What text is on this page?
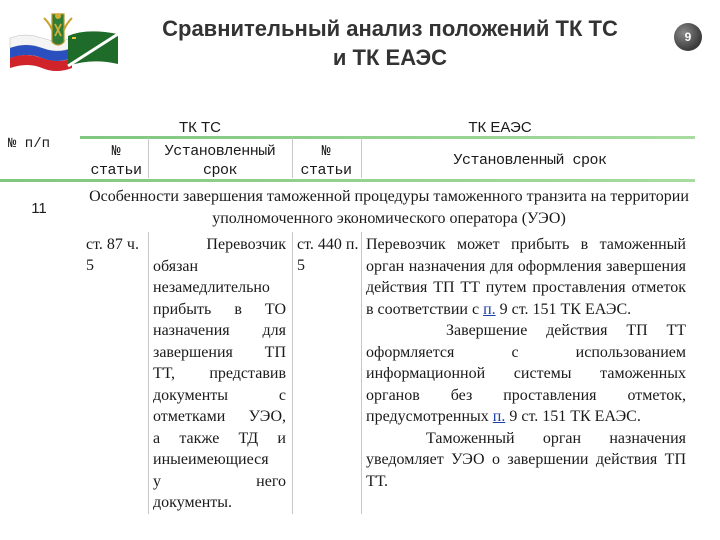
Сравнительный анализ положений ТК ТС
и ТК ЕАЭС
9
№ п/п
ТК ТС	ТК ЕАЭС
№ статьи
Установленный срок
№ статьи
Установленный срок
11
Особенности завершения таможенной процедуры таможенного транзита на территории уполномоченного экономического оператора (УЭО)
ст. 87 ч. 5
Перевозчик
обязан
незамедлительно
прибыть в ТО
назначения для
завершения ТП
ТТ, представив
документы с
отметками УЭО,
а также ТД и
иныеимеющиеся
у него
документы.
ст. 440 п. 5
Перевозчик может прибыть в таможенный орган назначения для оформления завершения действия ТП ТТ путем проставления отметок в соответствии с п. 9 ст. 151 ТК ЕАЭС.
Завершение действия ТП ТТ оформляется с использованием информационной системы таможенных органов без проставления отметок, предусмотренных п. 9 ст. 151 ТК ЕАЭС.
Таможенный орган назначения уведомляет УЭО о завершении действия ТП ТТ.
